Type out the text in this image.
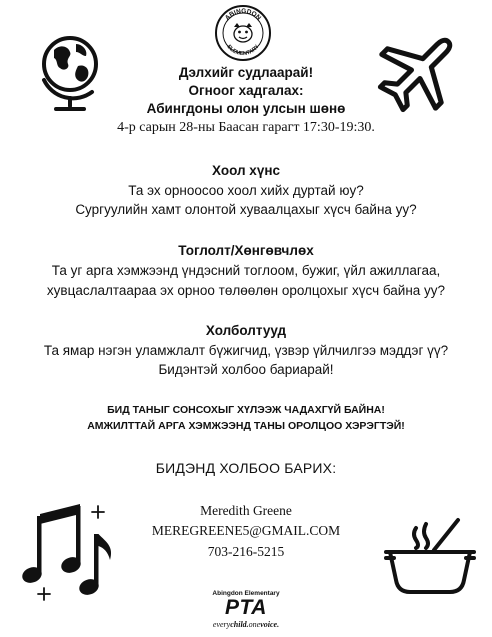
ABINGDON
ELEMENTARY
Дэлхийг судлаарай!
Огноог хадгалах:
Абингдоны олон улсын шөнө
4-р сарын 28-ны Баасан гарагт 17:30-19:30.
Хоол хүнс
Та эх орноосоо хоол хийх дуртай юу?
Сургуулийн хамт олонтой хуваалцахыг хүсч байна уу?
Тоглолт/Хөнгөвчлөх
Та уг арга хэмжээнд үндэсний тоглоом, бужиг, үйл ажиллагаа,
хувцаслалтаараа эх орноо төлөөлөн оролцохыг хүсч байна уу?
Холболтууд
Та ямар нэгэн уламжлалт бүжигчид, үзвэр үйлчилгээ мэддэг үү?
Бидэнтэй холбоо бариарай!
БИД ТАНЫГ СОНСОХЫГ ХҮЛЭЭЖ ЧАДАХГҮЙ БАЙНА!
АМЖИЛТТАЙ АРГА ХЭМЖЭЭНД ТАНЫ ОРОЛЦОО ХЭРЭГТЭЙ!
БИДЭНД ХОЛБОО БАРИХ:
Meredith Greene
MEREGREENE5@GMAIL.COM
703-216-5215
Abingdon Elementary
PTA
everychild.onevoice.
